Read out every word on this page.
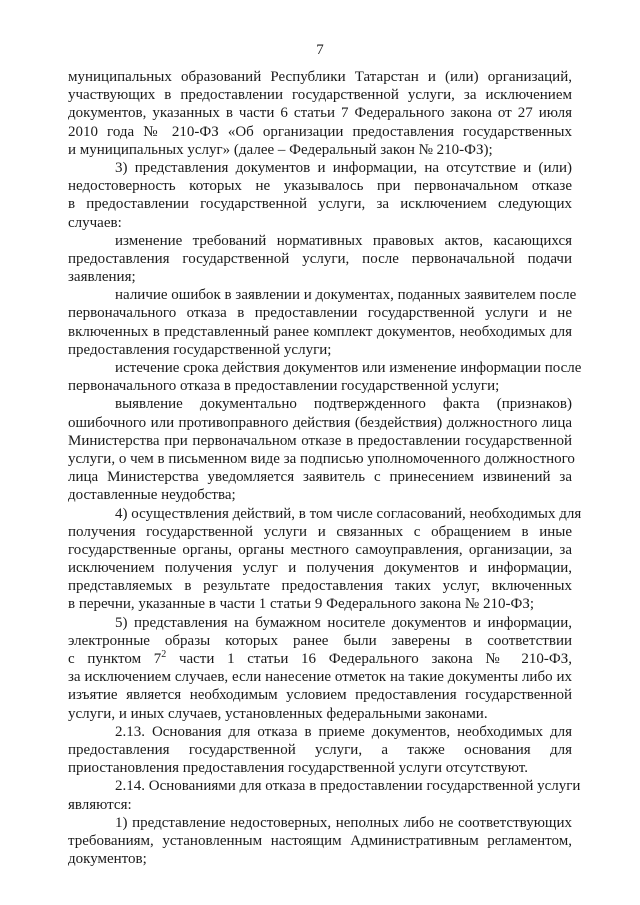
7
муниципальных образований Республики Татарстан и (или) организаций,
участвующих в предоставлении государственной услуги, за исключением
документов, указанных в части 6 статьи 7 Федерального закона от 27 июля
2010 года № 210-ФЗ «Об организации предоставления государственных
и муниципальных услуг» (далее – Федеральный закон № 210-ФЗ);
3) представления документов и информации, на отсутствие и (или)
недостоверность которых не указывалось при первоначальном отказе
в предоставлении государственной услуги, за исключением следующих
случаев:
изменение требований нормативных правовых актов, касающихся
предоставления государственной услуги, после первоначальной подачи
заявления;
наличие ошибок в заявлении и документах, поданных заявителем после
первоначального отказа в предоставлении государственной услуги и не
включенных в представленный ранее комплект документов, необходимых для
предоставления государственной услуги;
истечение срока действия документов или изменение информации после
первоначального отказа в предоставлении государственной услуги;
выявление документально подтвержденного факта (признаков)
ошибочного или противоправного действия (бездействия) должностного лица
Министерства при первоначальном отказе в предоставлении государственной
услуги, о чем в письменном виде за подписью уполномоченного должностного
лица Министерства уведомляется заявитель с принесением извинений за
доставленные неудобства;
4) осуществления действий, в том числе согласований, необходимых для
получения государственной услуги и связанных с обращением в иные
государственные органы, органы местного самоуправления, организации, за
исключением получения услуг и получения документов и информации,
представляемых в результате предоставления таких услуг, включенных
в перечни, указанные в части 1 статьи 9 Федерального закона № 210-ФЗ;
5) представления на бумажном носителе документов и информации,
электронные образы которых ранее были заверены в соответствии
с пунктом $7^2$ части 1 статьи 16 Федерального закона № 210-ФЗ,
за исключением случаев, если нанесение отметок на такие документы либо их
изъятие является необходимым условием предоставления государственной
услуги, и иных случаев, установленных федеральными законами.
2.13. Основания для отказа в приеме документов, необходимых для
предоставления государственной услуги, а также основания для
приостановления предоставления государственной услуги отсутствуют.
2.14. Основаниями для отказа в предоставлении государственной услуги
являются:
1) представление недостоверных, неполных либо не соответствующих
требованиям, установленным настоящим Административным регламентом,
документов;
